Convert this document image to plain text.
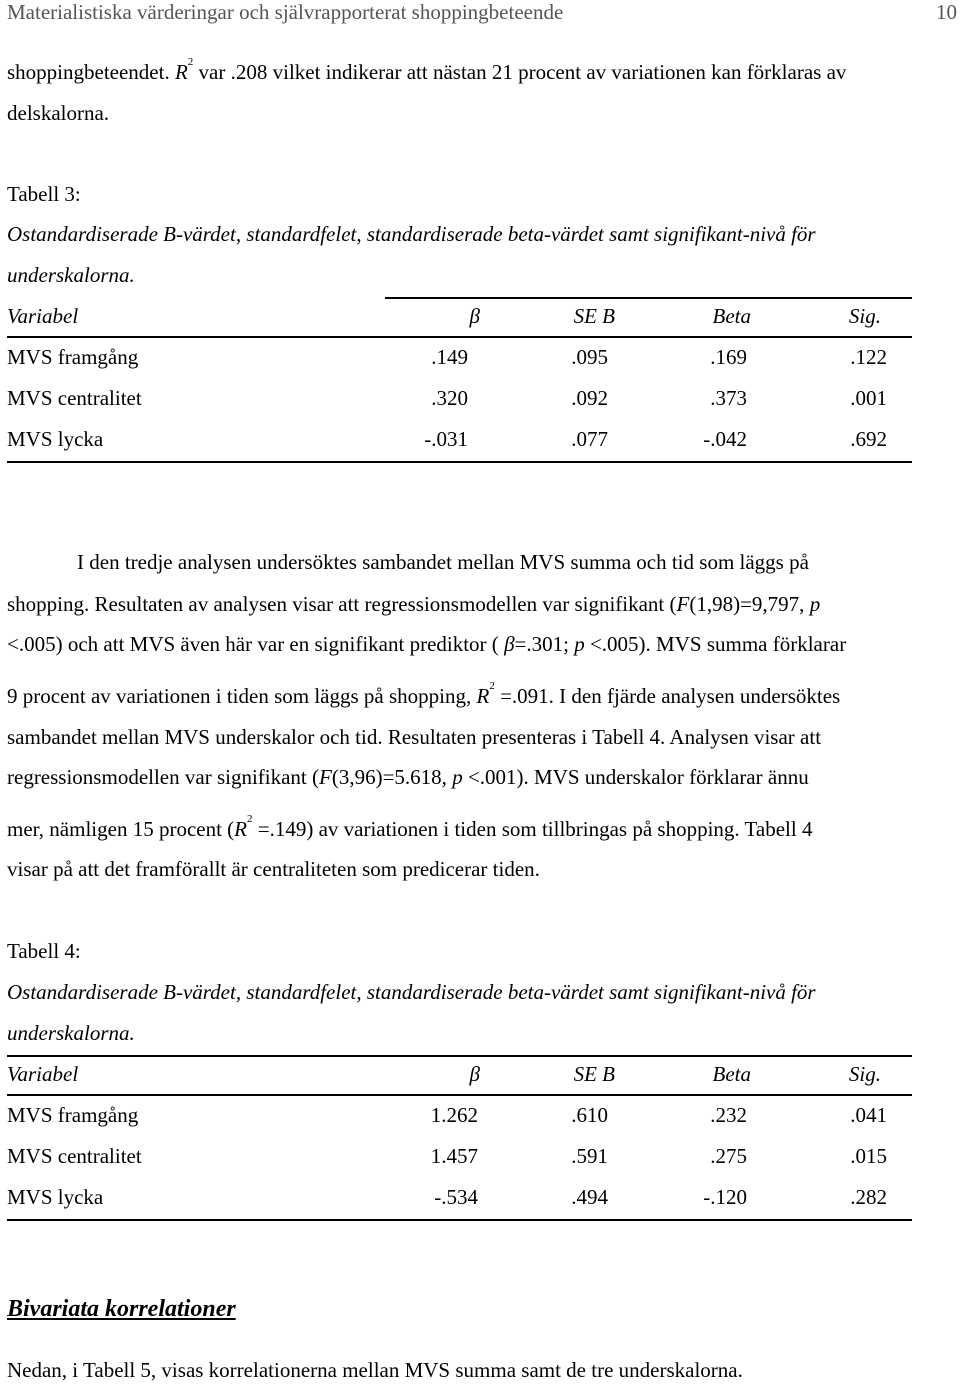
Materialistiska värderingar och självrapporterat shoppingbeteende	10
shoppingbeteendet. $R^2$ var .208 vilket indikerar att nästan 21 procent av variationen kan förklaras av
delskalorna.
Tabell 3:
Ostandardiserade B-värdet, standardfelet, standardiserade beta-värdet samt signifikant-nivå för
underskalorna.
Variabel	β	SE B	Beta	Sig.
MVS framgång	.149	.095	.169	.122
MVS centralitet	.320	.092	.373	.001
MVS lycka	-.031	.077	-.042	.692
I den tredje analysen undersöktes sambandet mellan MVS summa och tid som läggs på
shopping. Resultaten av analysen visar att regressionsmodellen var signifikant (F(1,98)=9,797, p
<.005) och att MVS även här var en signifikant prediktor ( β=.301; p <.005). MVS summa förklarar
9 procent av variationen i tiden som läggs på shopping, $R^2 =.091$. I den fjärde analysen undersöktes
sambandet mellan MVS underskalor och tid. Resultaten presenteras i Tabell 4. Analysen visar att
regressionsmodellen var signifikant (F(3,96)=5.618, p <.001). MVS underskalor förklarar ännu
mer, nämligen 15 procent $(R^2 =.149)$ av variationen i tiden som tillbringas på shopping. Tabell 4
visar på att det framförallt är centraliteten som predicerar tiden.
Tabell 4:
Ostandardiserade B-värdet, standardfelet, standardiserade beta-värdet samt signifikant-nivå för
underskalorna.
Variabel	β	SE B	Beta	Sig.
MVS framgång	1.262	.610	.232	.041
MVS centralitet	1.457	.591	.275	.015
MVS lycka	-.534	.494	-.120	.282
Bivariata korrelationer
Nedan, i Tabell 5, visas korrelationerna mellan MVS summa samt de tre underskalorna.
